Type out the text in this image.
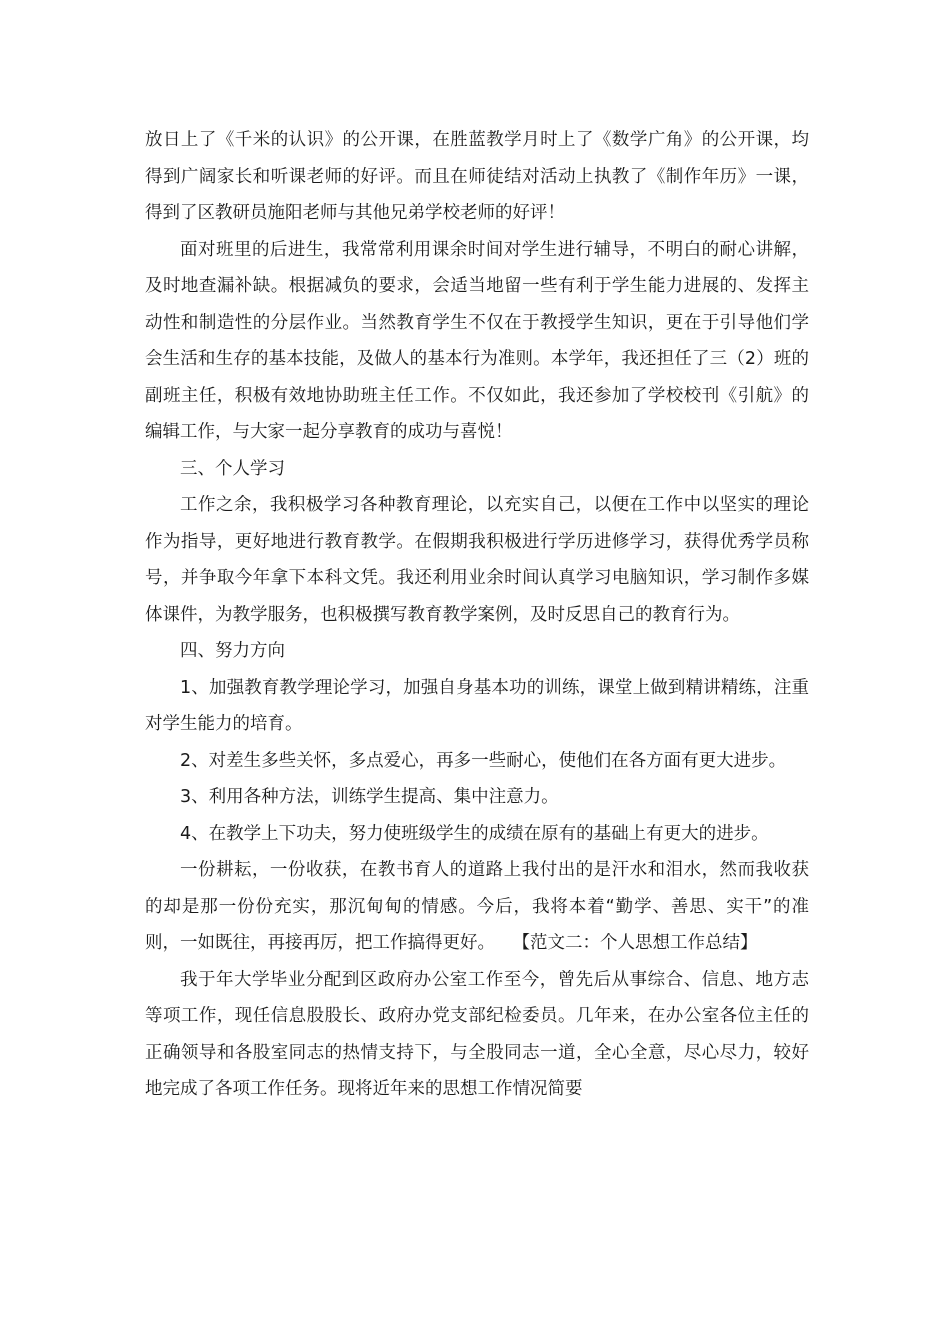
放日上了《千米的认识》的公开课，在胜蓝教学月时上了《数学广角》的公开课，均得到广阔家长和听课老师的好评。而且在师徒结对活动上执教了《制作年历》一课，得到了区教研员施阳老师与其他兄弟学校老师的好评！

面对班里的后进生，我常常利用课余时间对学生进行辅导，不明白的耐心讲解，及时地查漏补缺。根据减负的要求，会适当地留一些有利于学生能力进展的、发挥主动性和制造性的分层作业。当然教育学生不仅在于教授学生知识，更在于引导他们学会生活和生存的基本技能，及做人的基本行为准则。本学年，我还担任了三（2）班的副班主任，积极有效地协助班主任工作。不仅如此，我还参加了学校校刊《引航》的编辑工作，与大家一起分享教育的成功与喜悦！

三、个人学习

工作之余，我积极学习各种教育理论，以充实自己，以便在工作中以坚实的理论作为指导，更好地进行教育教学。在假期我积极进行学历进修学习，获得优秀学员称号，并争取今年拿下本科文凭。我还利用业余时间认真学习电脑知识，学习制作多媒体课件，为教学服务，也积极撰写教育教学案例，及时反思自己的教育行为。

四、努力方向

1、加强教育教学理论学习，加强自身基本功的训练，课堂上做到精讲精练，注重对学生能力的培育。

2、对差生多些关怀，多点爱心，再多一些耐心，使他们在各方面有更大进步。

3、利用各种方法，训练学生提高、集中注意力。

4、在教学上下功夫，努力使班级学生的成绩在原有的基础上有更大的进步。

一份耕耘，一份收获，在教书育人的道路上我付出的是汗水和泪水，然而我收获的却是那一份份充实，那沉甸甸的情感。今后，我将本着“勤学、善思、实干”的准则，一如既往，再接再厉，把工作搞得更好。　　【范文二：个人思想工作总结】

我于年大学毕业分配到区政府办公室工作至今，曾先后从事综合、信息、地方志等项工作，现任信息股股长、政府办党支部纪检委员。几年来，在办公室各位主任的正确领导和各股室同志的热情支持下，与全股同志一道，全心全意，尽心尽力，较好地完成了各项工作任务。现将近年来的思想工作情况简要
